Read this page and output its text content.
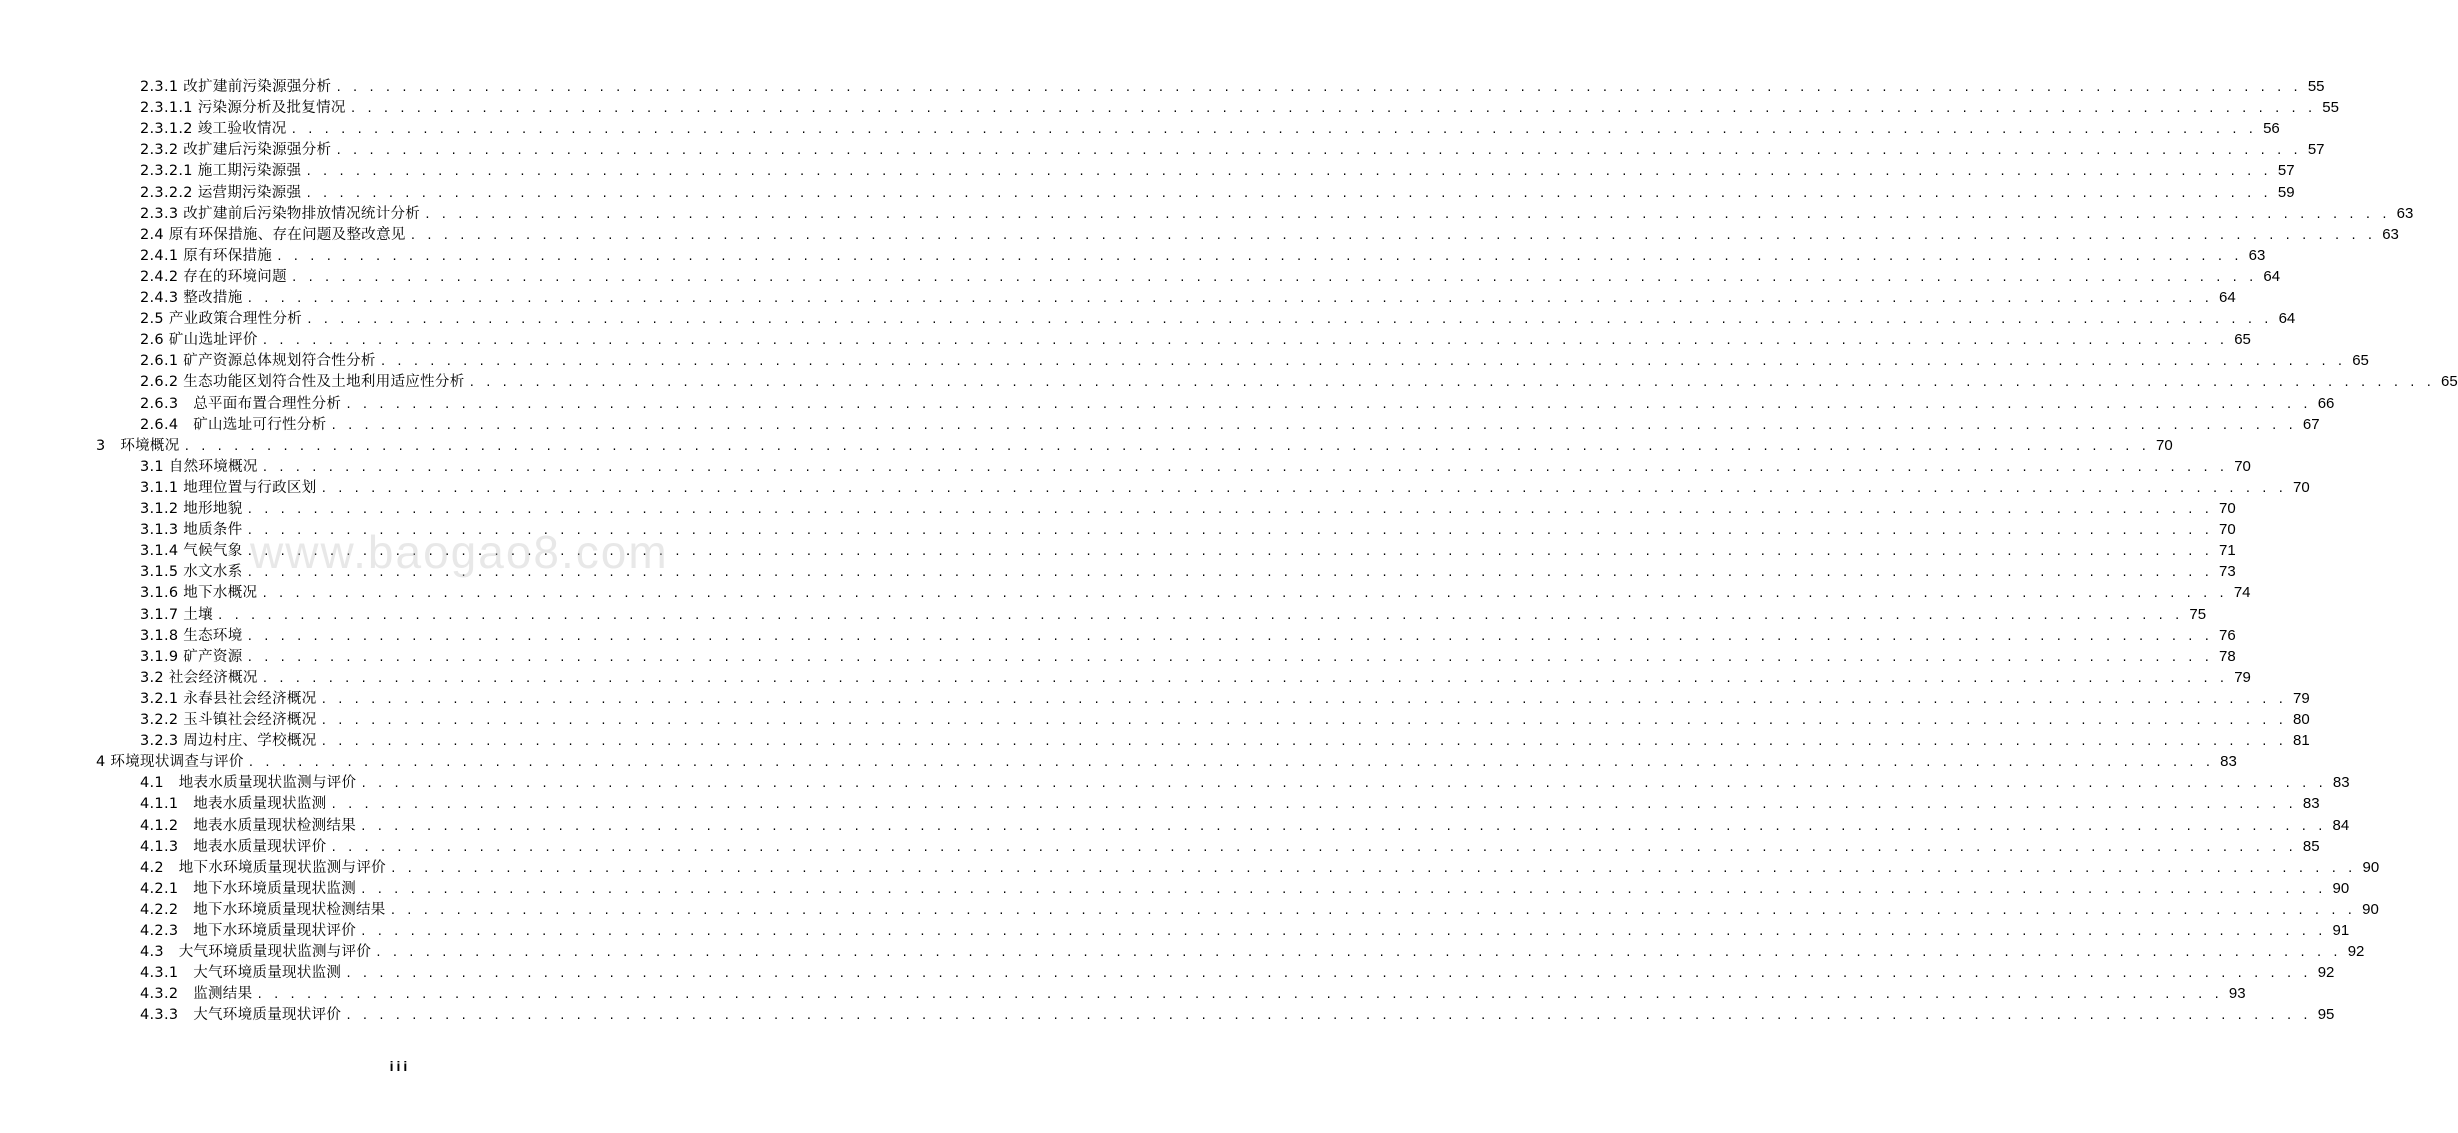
2.3.1 改扩建前污染源强分析 . . . . . . . . . . . . . . . . . . . . . . . . . . . . . . . . . . . . . . . . . . . . . . . . . . . . . . . . . . . . . . . . . . . . . . . . . . . . . . . . . . . . . . . . . . . . . . . . . . . . . . . . . . . . . . . . . . . . . . . . 55
2.3.1.1 污染源分析及批复情况 . . . . . . . . . . . . . . . . . . . . . . . . . . . . . . . . . . . . . . . . . . . . . . . . . . . . . . . . . . . . . . . . . . . . . . . . . . . . . . . . . . . . . . . . . . . . . . . . . . . . . . . . . . . . . . . . . . . . . . . . 55
2.3.1.2 竣工验收情况 . . . . . . . . . . . . . . . . . . . . . . . . . . . . . . . . . . . . . . . . . . . . . . . . . . . . . . . . . . . . . . . . . . . . . . . . . . . . . . . . . . . . . . . . . . . . . . . . . . . . . . . . . . . . . . . . . . . . . . . . 56
2.3.2 改扩建后污染源强分析 . . . . . . . . . . . . . . . . . . . . . . . . . . . . . . . . . . . . . . . . . . . . . . . . . . . . . . . . . . . . . . . . . . . . . . . . . . . . . . . . . . . . . . . . . . . . . . . . . . . . . . . . . . . . . . . . . . . . . . . . 57
2.3.2.1 施工期污染源强 . . . . . . . . . . . . . . . . . . . . . . . . . . . . . . . . . . . . . . . . . . . . . . . . . . . . . . . . . . . . . . . . . . . . . . . . . . . . . . . . . . . . . . . . . . . . . . . . . . . . . . . . . . . . . . . . . . . . . . . . 57
2.3.2.2 运营期污染源强 . . . . . . . . . . . . . . . . . . . . . . . . . . . . . . . . . . . . . . . . . . . . . . . . . . . . . . . . . . . . . . . . . . . . . . . . . . . . . . . . . . . . . . . . . . . . . . . . . . . . . . . . . . . . . . . . . . . . . . . . 59
2.3.3 改扩建前后污染物排放情况统计分析 . . . . . . . . . . . . . . . . . . . . . . . . . . . . . . . . . . . . . . . . . . . . . . . . . . . . . . . . . . . . . . . . . . . . . . . . . . . . . . . . . . . . . . . . . . . . . . . . . . . . . . . . . . . . . . . . . . . . . . . . 63
2.4 原有环保措施、存在问题及整改意见 . . . . . . . . . . . . . . . . . . . . . . . . . . . . . . . . . . . . . . . . . . . . . . . . . . . . . . . . . . . . . . . . . . . . . . . . . . . . . . . . . . . . . . . . . . . . . . . . . . . . . . . . . . . . . . . . . . . . . . . . 63
2.4.1 原有环保措施 . . . . . . . . . . . . . . . . . . . . . . . . . . . . . . . . . . . . . . . . . . . . . . . . . . . . . . . . . . . . . . . . . . . . . . . . . . . . . . . . . . . . . . . . . . . . . . . . . . . . . . . . . . . . . . . . . . . . . . . . 63
2.4.2 存在的环境问题 . . . . . . . . . . . . . . . . . . . . . . . . . . . . . . . . . . . . . . . . . . . . . . . . . . . . . . . . . . . . . . . . . . . . . . . . . . . . . . . . . . . . . . . . . . . . . . . . . . . . . . . . . . . . . . . . . . . . . . . . 64
2.4.3 整改措施 . . . . . . . . . . . . . . . . . . . . . . . . . . . . . . . . . . . . . . . . . . . . . . . . . . . . . . . . . . . . . . . . . . . . . . . . . . . . . . . . . . . . . . . . . . . . . . . . . . . . . . . . . . . . . . . . . . . . . . . . 64
2.5 产业政策合理性分析 . . . . . . . . . . . . . . . . . . . . . . . . . . . . . . . . . . . . . . . . . . . . . . . . . . . . . . . . . . . . . . . . . . . . . . . . . . . . . . . . . . . . . . . . . . . . . . . . . . . . . . . . . . . . . . . . . . . . . . . . 64
2.6 矿山选址评价 . . . . . . . . . . . . . . . . . . . . . . . . . . . . . . . . . . . . . . . . . . . . . . . . . . . . . . . . . . . . . . . . . . . . . . . . . . . . . . . . . . . . . . . . . . . . . . . . . . . . . . . . . . . . . . . . . . . . . . . . 65
2.6.1 矿产资源总体规划符合性分析 . . . . . . . . . . . . . . . . . . . . . . . . . . . . . . . . . . . . . . . . . . . . . . . . . . . . . . . . . . . . . . . . . . . . . . . . . . . . . . . . . . . . . . . . . . . . . . . . . . . . . . . . . . . . . . . . . . . . . . . . 65
2.6.2 生态功能区划符合性及土地利用适应性分析 . . . . . . . . . . . . . . . . . . . . . . . . . . . . . . . . . . . . . . . . . . . . . . . . . . . . . . . . . . . . . . . . . . . . . . . . . . . . . . . . . . . . . . . . . . . . . . . . . . . . . . . . . . . . . . . . . . . . . . . . 65
2.6.3　总平面布置合理性分析 . . . . . . . . . . . . . . . . . . . . . . . . . . . . . . . . . . . . . . . . . . . . . . . . . . . . . . . . . . . . . . . . . . . . . . . . . . . . . . . . . . . . . . . . . . . . . . . . . . . . . . . . . . . . . . . . . . . . . . . . 66
2.6.4　矿山选址可行性分析 . . . . . . . . . . . . . . . . . . . . . . . . . . . . . . . . . . . . . . . . . . . . . . . . . . . . . . . . . . . . . . . . . . . . . . . . . . . . . . . . . . . . . . . . . . . . . . . . . . . . . . . . . . . . . . . . . . . . . . . . 67
3　环境概况 . . . . . . . . . . . . . . . . . . . . . . . . . . . . . . . . . . . . . . . . . . . . . . . . . . . . . . . . . . . . . . . . . . . . . . . . . . . . . . . . . . . . . . . . . . . . . . . . . . . . . . . . . . . . . . . . . . . . . . . . 70
3.1 自然环境概况 . . . . . . . . . . . . . . . . . . . . . . . . . . . . . . . . . . . . . . . . . . . . . . . . . . . . . . . . . . . . . . . . . . . . . . . . . . . . . . . . . . . . . . . . . . . . . . . . . . . . . . . . . . . . . . . . . . . . . . . . 70
3.1.1 地理位置与行政区划 . . . . . . . . . . . . . . . . . . . . . . . . . . . . . . . . . . . . . . . . . . . . . . . . . . . . . . . . . . . . . . . . . . . . . . . . . . . . . . . . . . . . . . . . . . . . . . . . . . . . . . . . . . . . . . . . . . . . . . . . 70
3.1.2 地形地貌 . . . . . . . . . . . . . . . . . . . . . . . . . . . . . . . . . . . . . . . . . . . . . . . . . . . . . . . . . . . . . . . . . . . . . . . . . . . . . . . . . . . . . . . . . . . . . . . . . . . . . . . . . . . . . . . . . . . . . . . . 70
3.1.3 地质条件 . . . . . . . . . . . . . . . . . . . . . . . . . . . . . . . . . . . . . . . . . . . . . . . . . . . . . . . . . . . . . . . . . . . . . . . . . . . . . . . . . . . . . . . . . . . . . . . . . . . . . . . . . . . . . . . . . . . . . . . . 70
3.1.4 气候气象 . . . . . . . . . . . . . . . . . . . . . . . . . . . . . . . . . . . . . . . . . . . . . . . . . . . . . . . . . . . . . . . . . . . . . . . . . . . . . . . . . . . . . . . . . . . . . . . . . . . . . . . . . . . . . . . . . . . . . . . . 71
3.1.5 水文水系 . . . . . . . . . . . . . . . . . . . . . . . . . . . . . . . . . . . . . . . . . . . . . . . . . . . . . . . . . . . . . . . . . . . . . . . . . . . . . . . . . . . . . . . . . . . . . . . . . . . . . . . . . . . . . . . . . . . . . . . . 73
3.1.6 地下水概况 . . . . . . . . . . . . . . . . . . . . . . . . . . . . . . . . . . . . . . . . . . . . . . . . . . . . . . . . . . . . . . . . . . . . . . . . . . . . . . . . . . . . . . . . . . . . . . . . . . . . . . . . . . . . . . . . . . . . . . . . 74
3.1.7 土壤 . . . . . . . . . . . . . . . . . . . . . . . . . . . . . . . . . . . . . . . . . . . . . . . . . . . . . . . . . . . . . . . . . . . . . . . . . . . . . . . . . . . . . . . . . . . . . . . . . . . . . . . . . . . . . . . . . . . . . . . . 75
3.1.8 生态环境 . . . . . . . . . . . . . . . . . . . . . . . . . . . . . . . . . . . . . . . . . . . . . . . . . . . . . . . . . . . . . . . . . . . . . . . . . . . . . . . . . . . . . . . . . . . . . . . . . . . . . . . . . . . . . . . . . . . . . . . . 76
3.1.9 矿产资源 . . . . . . . . . . . . . . . . . . . . . . . . . . . . . . . . . . . . . . . . . . . . . . . . . . . . . . . . . . . . . . . . . . . . . . . . . . . . . . . . . . . . . . . . . . . . . . . . . . . . . . . . . . . . . . . . . . . . . . . . 78
3.2 社会经济概况 . . . . . . . . . . . . . . . . . . . . . . . . . . . . . . . . . . . . . . . . . . . . . . . . . . . . . . . . . . . . . . . . . . . . . . . . . . . . . . . . . . . . . . . . . . . . . . . . . . . . . . . . . . . . . . . . . . . . . . . . 79
3.2.1 永春县社会经济概况 . . . . . . . . . . . . . . . . . . . . . . . . . . . . . . . . . . . . . . . . . . . . . . . . . . . . . . . . . . . . . . . . . . . . . . . . . . . . . . . . . . . . . . . . . . . . . . . . . . . . . . . . . . . . . . . . . . . . . . . . 79
3.2.2 玉斗镇社会经济概况 . . . . . . . . . . . . . . . . . . . . . . . . . . . . . . . . . . . . . . . . . . . . . . . . . . . . . . . . . . . . . . . . . . . . . . . . . . . . . . . . . . . . . . . . . . . . . . . . . . . . . . . . . . . . . . . . . . . . . . . . 80
3.2.3 周边村庄、学校概况 . . . . . . . . . . . . . . . . . . . . . . . . . . . . . . . . . . . . . . . . . . . . . . . . . . . . . . . . . . . . . . . . . . . . . . . . . . . . . . . . . . . . . . . . . . . . . . . . . . . . . . . . . . . . . . . . . . . . . . . . 81
4 环境现状调查与评价 . . . . . . . . . . . . . . . . . . . . . . . . . . . . . . . . . . . . . . . . . . . . . . . . . . . . . . . . . . . . . . . . . . . . . . . . . . . . . . . . . . . . . . . . . . . . . . . . . . . . . . . . . . . . . . . . . . . . . . . . 83
4.1　地表水质量现状监测与评价 . . . . . . . . . . . . . . . . . . . . . . . . . . . . . . . . . . . . . . . . . . . . . . . . . . . . . . . . . . . . . . . . . . . . . . . . . . . . . . . . . . . . . . . . . . . . . . . . . . . . . . . . . . . . . . . . . . . . . . . . 83
4.1.1　地表水质量现状监测 . . . . . . . . . . . . . . . . . . . . . . . . . . . . . . . . . . . . . . . . . . . . . . . . . . . . . . . . . . . . . . . . . . . . . . . . . . . . . . . . . . . . . . . . . . . . . . . . . . . . . . . . . . . . . . . . . . . . . . . . 83
4.1.2　地表水质量现状检测结果 . . . . . . . . . . . . . . . . . . . . . . . . . . . . . . . . . . . . . . . . . . . . . . . . . . . . . . . . . . . . . . . . . . . . . . . . . . . . . . . . . . . . . . . . . . . . . . . . . . . . . . . . . . . . . . . . . . . . . . . . 84
4.1.3　地表水质量现状评价 . . . . . . . . . . . . . . . . . . . . . . . . . . . . . . . . . . . . . . . . . . . . . . . . . . . . . . . . . . . . . . . . . . . . . . . . . . . . . . . . . . . . . . . . . . . . . . . . . . . . . . . . . . . . . . . . . . . . . . . . 85
4.2　地下水环境质量现状监测与评价 . . . . . . . . . . . . . . . . . . . . . . . . . . . . . . . . . . . . . . . . . . . . . . . . . . . . . . . . . . . . . . . . . . . . . . . . . . . . . . . . . . . . . . . . . . . . . . . . . . . . . . . . . . . . . . . . . . . . . . . . 90
4.2.1　地下水环境质量现状监测 . . . . . . . . . . . . . . . . . . . . . . . . . . . . . . . . . . . . . . . . . . . . . . . . . . . . . . . . . . . . . . . . . . . . . . . . . . . . . . . . . . . . . . . . . . . . . . . . . . . . . . . . . . . . . . . . . . . . . . . . 90
4.2.2　地下水环境质量现状检测结果 . . . . . . . . . . . . . . . . . . . . . . . . . . . . . . . . . . . . . . . . . . . . . . . . . . . . . . . . . . . . . . . . . . . . . . . . . . . . . . . . . . . . . . . . . . . . . . . . . . . . . . . . . . . . . . . . . . . . . . . . 90
4.2.3　地下水环境质量现状评价 . . . . . . . . . . . . . . . . . . . . . . . . . . . . . . . . . . . . . . . . . . . . . . . . . . . . . . . . . . . . . . . . . . . . . . . . . . . . . . . . . . . . . . . . . . . . . . . . . . . . . . . . . . . . . . . . . . . . . . . . 91
4.3　大气环境质量现状监测与评价 . . . . . . . . . . . . . . . . . . . . . . . . . . . . . . . . . . . . . . . . . . . . . . . . . . . . . . . . . . . . . . . . . . . . . . . . . . . . . . . . . . . . . . . . . . . . . . . . . . . . . . . . . . . . . . . . . . . . . . . . 92
4.3.1　大气环境质量现状监测 . . . . . . . . . . . . . . . . . . . . . . . . . . . . . . . . . . . . . . . . . . . . . . . . . . . . . . . . . . . . . . . . . . . . . . . . . . . . . . . . . . . . . . . . . . . . . . . . . . . . . . . . . . . . . . . . . . . . . . . . 92
4.3.2　监测结果 . . . . . . . . . . . . . . . . . . . . . . . . . . . . . . . . . . . . . . . . . . . . . . . . . . . . . . . . . . . . . . . . . . . . . . . . . . . . . . . . . . . . . . . . . . . . . . . . . . . . . . . . . . . . . . . . . . . . . . . . 93
4.3.3　大气环境质量现状评价 . . . . . . . . . . . . . . . . . . . . . . . . . . . . . . . . . . . . . . . . . . . . . . . . . . . . . . . . . . . . . . . . . . . . . . . . . . . . . . . . . . . . . . . . . . . . . . . . . . . . . . . . . . . . . . . . . . . . . . . . 95
www.baogao8.com
iii
